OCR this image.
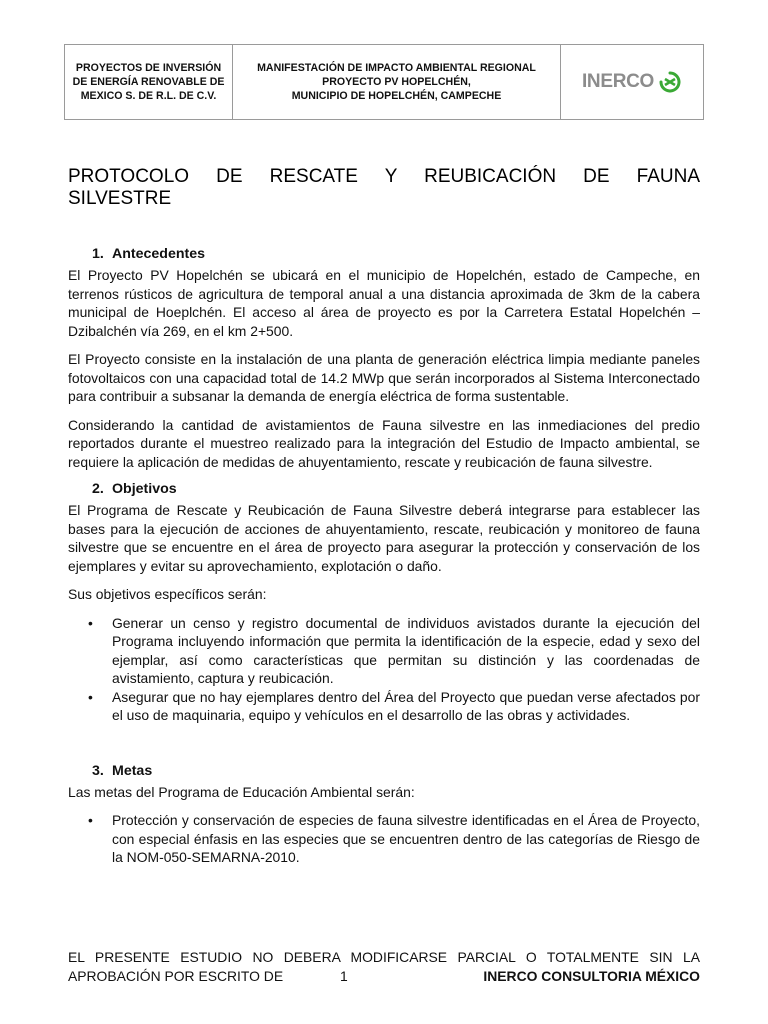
PROYECTOS DE INVERSIÓN DE ENERGÍA RENOVABLE DE MEXICO S. DE R.L. DE C.V.
MANIFESTACIÓN DE IMPACTO AMBIENTAL REGIONAL
PROYECTO PV HOPELCHÉN,
MUNICIPIO DE HOPELCHÉN, CAMPECHE
INERCO
PROTOCOLO DE RESCATE Y REUBICACIÓN DE FAUNA
SILVESTRE
1. Antecedentes

El Proyecto PV Hopelchén se ubicará en el municipio de Hopelchén, estado de Campeche, en terrenos rústicos de agricultura de temporal anual a una distancia aproximada de 3km de la cabera municipal de Hoeplchén. El acceso al área de proyecto es por la Carretera Estatal Hopelchén – Dzibalchén vía 269, en el km 2+500.

El Proyecto consiste en la instalación de una planta de generación eléctrica limpia mediante paneles fotovoltaicos con una capacidad total de 14.2 MWp que serán incorporados al Sistema Interconectado para contribuir a subsanar la demanda de energía eléctrica de forma sustentable.

Considerando la cantidad de avistamientos de Fauna silvestre en las inmediaciones del predio reportados durante el muestreo realizado para la integración del Estudio de Impacto ambiental, se requiere la aplicación de medidas de ahuyentamiento, rescate y reubicación de fauna silvestre.

2. Objetivos

El Programa de Rescate y Reubicación de Fauna Silvestre deberá integrarse para establecer las bases para la ejecución de acciones de ahuyentamiento, rescate, reubicación y monitoreo de fauna silvestre que se encuentre en el área de proyecto para asegurar la protección y conservación de los ejemplares y evitar su aprovechamiento, explotación o daño.

Sus objetivos específicos serán:

• Generar un censo y registro documental de individuos avistados durante la ejecución del Programa incluyendo información que permita la identificación de la especie, edad y sexo del ejemplar, así como características que permitan su distinción y las coordenadas de avistamiento, captura y reubicación.
• Asegurar que no hay ejemplares dentro del Área del Proyecto que puedan verse afectados por el uso de maquinaria, equipo y vehículos en el desarrollo de las obras y actividades.
3. Metas

Las metas del Programa de Educación Ambiental serán:

• Protección y conservación de especies de fauna silvestre identificadas en el Área de Proyecto, con especial énfasis en las especies que se encuentren dentro de las categorías de Riesgo de la NOM-050-SEMARNA-2010.
EL PRESENTE ESTUDIO NO DEBERA MODIFICARSE PARCIAL O TOTALMENTE SIN LA
APROBACIÓN POR ESCRITO DE	1	INERCO CONSULTORIA MÉXICO
